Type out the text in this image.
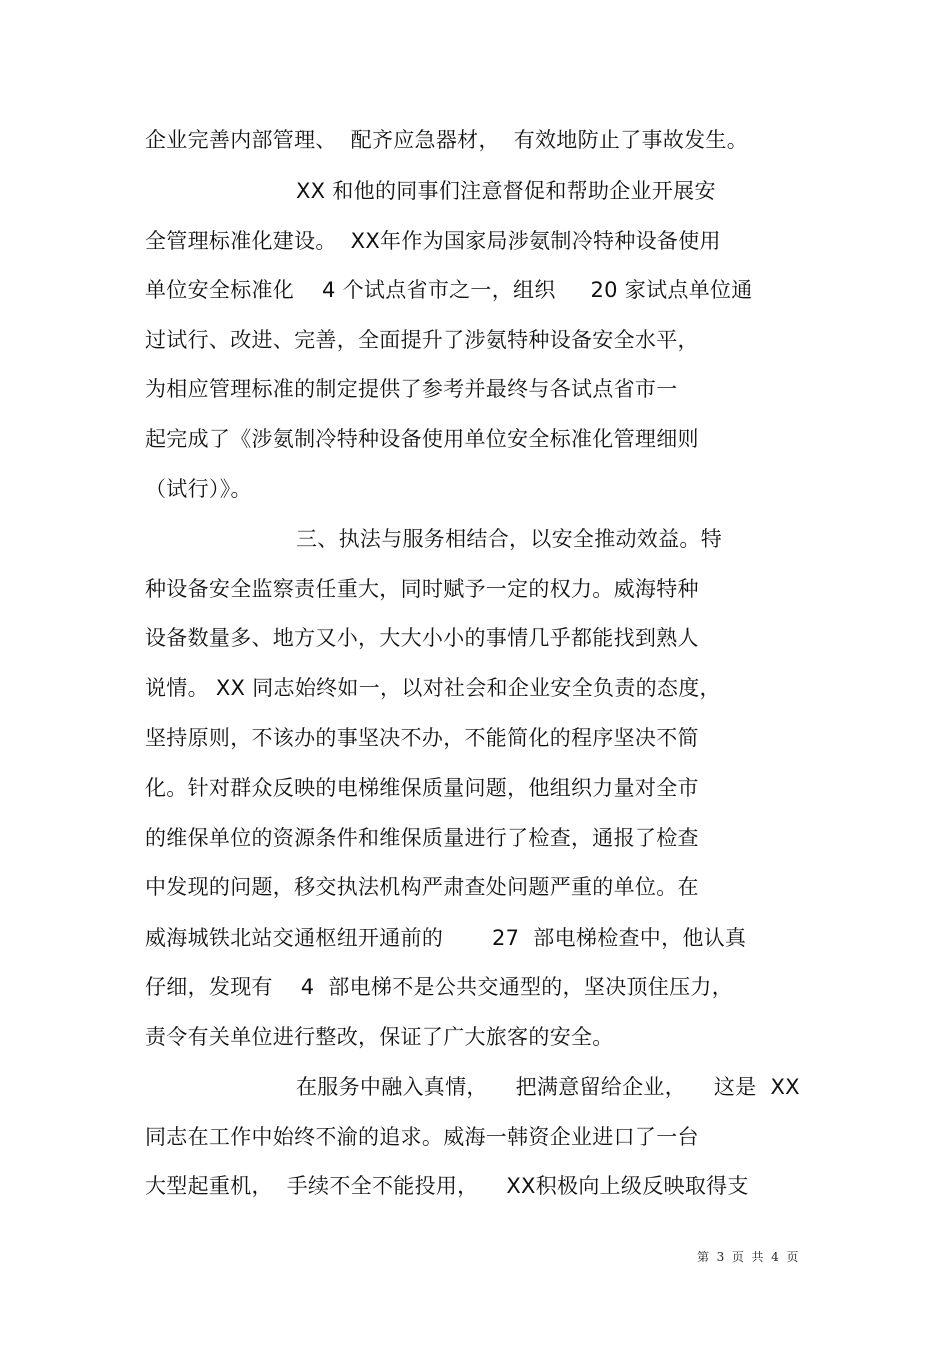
企业完善内部管理、  配齐应急器材，  有效地防止了事故发生。
XX 和他的同事们注意督促和帮助企业开展安
全管理标准化建设。  XX年作为国家局涉氨制冷特种设备使用
单位安全标准化    4 个试点省市之一，组织     20 家试点单位通
过试行、改进、完善，全面提升了涉氨特种设备安全水平，
为相应管理标准的制定提供了参考并最终与各试点省市一
起完成了《涉氨制冷特种设备使用单位安全标准化管理细则
（试行）》。
三、执法与服务相结合，以安全推动效益。特
种设备安全监察责任重大，同时赋予一定的权力。威海特种
设备数量多、地方又小，大大小小的事情几乎都能找到熟人
说情。 XX 同志始终如一，以对社会和企业安全负责的态度，
坚持原则，不该办的事坚决不办，不能简化的程序坚决不简
化。针对群众反映的电梯维保质量问题，他组织力量对全市
的维保单位的资源条件和维保质量进行了检查，通报了检查
中发现的问题，移交执法机构严肃查处问题严重的单位。在
威海城铁北站交通枢纽开通前的       27  部电梯检查中，他认真
仔细，发现有    4  部电梯不是公共交通型的，坚决顶住压力，
责令有关单位进行整改，保证了广大旅客的安全。
在服务中融入真情，    把满意留给企业，    这是  XX
同志在工作中始终不渝的追求。威海一韩资企业进口了一台
大型起重机，  手续不全不能投用，    XX积极向上级反映取得支
第  3  页  共  4  页
